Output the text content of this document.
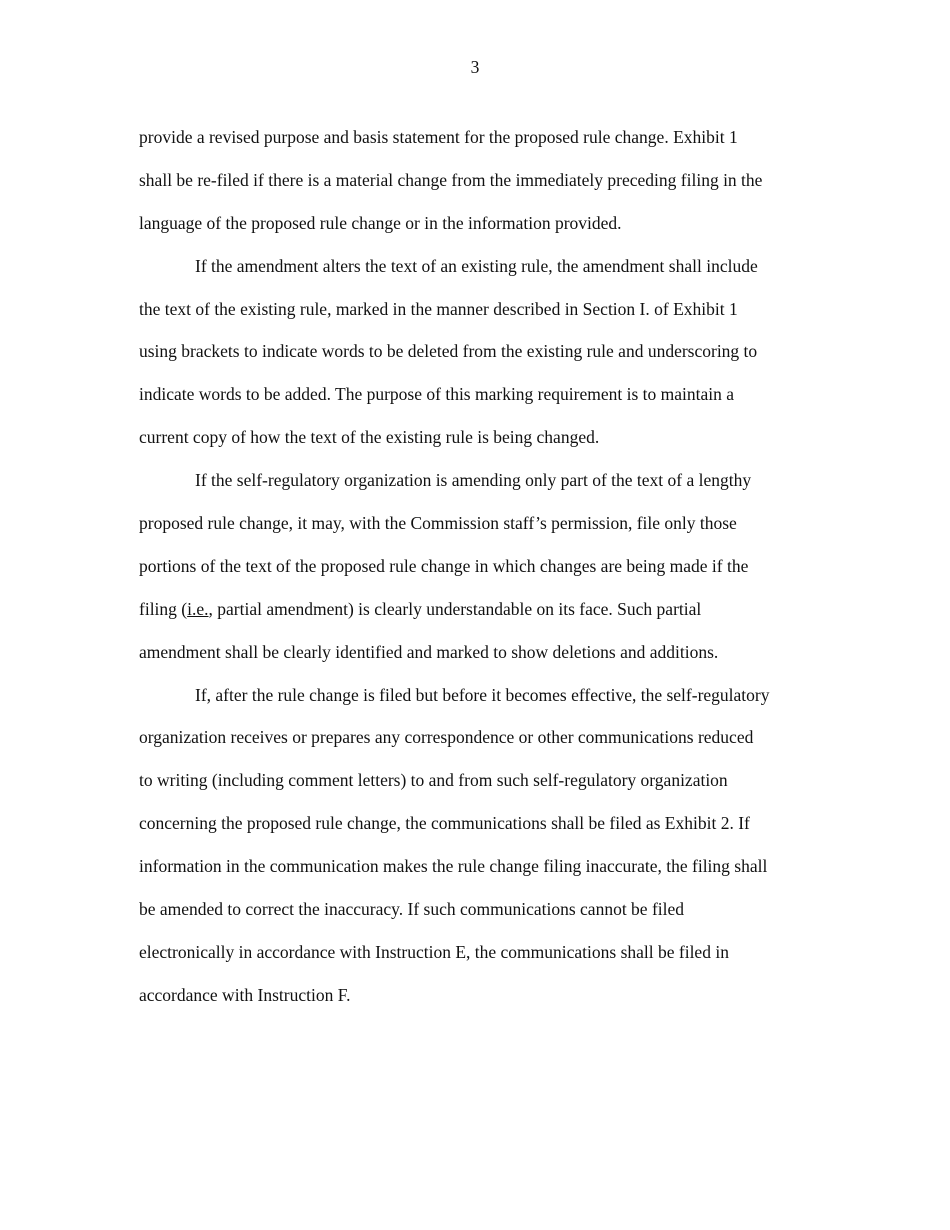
3

provide a revised purpose and basis statement for the proposed rule change. Exhibit 1
shall be re-filed if there is a material change from the immediately preceding filing in the
language of the proposed rule change or in the information provided.

If the amendment alters the text of an existing rule, the amendment shall include
the text of the existing rule, marked in the manner described in Section I. of Exhibit 1
using brackets to indicate words to be deleted from the existing rule and underscoring to
indicate words to be added. The purpose of this marking requirement is to maintain a
current copy of how the text of the existing rule is being changed.

If the self-regulatory organization is amending only part of the text of a lengthy
proposed rule change, it may, with the Commission staff’s permission, file only those
portions of the text of the proposed rule change in which changes are being made if the
filing (i.e., partial amendment) is clearly understandable on its face. Such partial
amendment shall be clearly identified and marked to show deletions and additions.

If, after the rule change is filed but before it becomes effective, the self-regulatory
organization receives or prepares any correspondence or other communications reduced
to writing (including comment letters) to and from such self-regulatory organization
concerning the proposed rule change, the communications shall be filed as Exhibit 2. If
information in the communication makes the rule change filing inaccurate, the filing shall
be amended to correct the inaccuracy. If such communications cannot be filed
electronically in accordance with Instruction E, the communications shall be filed in
accordance with Instruction F.
